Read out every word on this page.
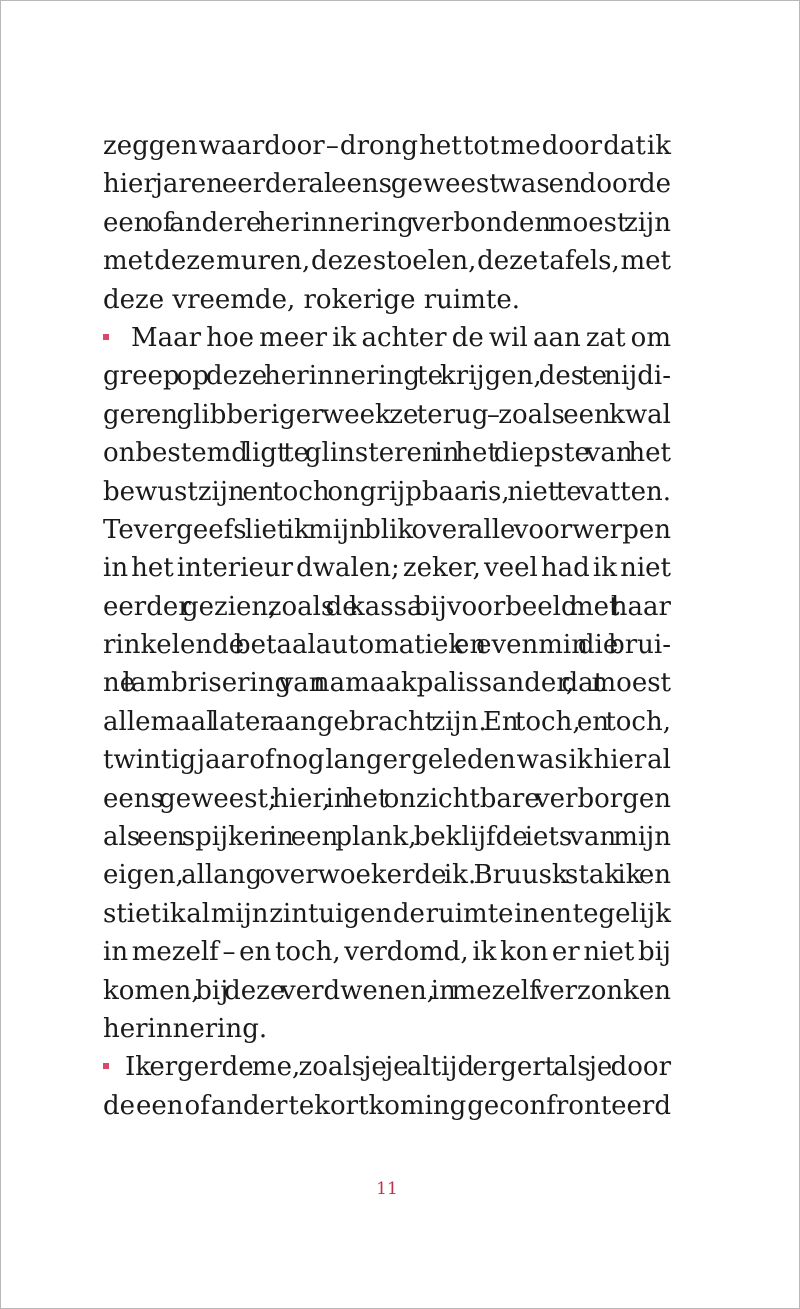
zeggen waardoor – drong het tot me door dat ik
hier jaren eerder al eens geweest was en door de
een of andere herinnering verbonden moest zijn
met deze muren, deze stoelen, deze tafels, met
deze vreemde, rokerige ruimte.
Maar hoe meer ik achter de wil aan zat om
greep op deze herinnering te krijgen, des te nijdi-
ger en glibberiger week ze terug – zoals een kwal
onbestemd ligt te glinsteren in het diepste van het
bewustzijn en toch ongrijpbaar is, niet te vatten.
Tevergeefs liet ik mijn blik over alle voorwerpen
in het interieur dwalen; zeker, veel had ik niet
eerder gezien, zoals de kassa bijvoorbeeld met haar
rinkelende betaalautomatiek en evenmin die brui-
ne lambrisering van namaakpalissander, dat moest
allemaal later aangebracht zijn. En toch, en toch,
twintig jaar of nog langer geleden was ik hier al
eens geweest; hier, in het onzichtbare verborgen
als een spijker in een plank, beklijfde iets van mijn
eigen, allang overwoekerde ik. Bruusk stak ik en
stiet ik al mijn zintuigen de ruimte in en tegelijk
in mezelf – en toch, verdomd, ik kon er niet bij
komen, bij deze verdwenen, in mezelf verzonken
herinnering.
Ik ergerde me, zoals je je altijd ergert als je door
de een of ander tekortkoming geconfronteerd
11
